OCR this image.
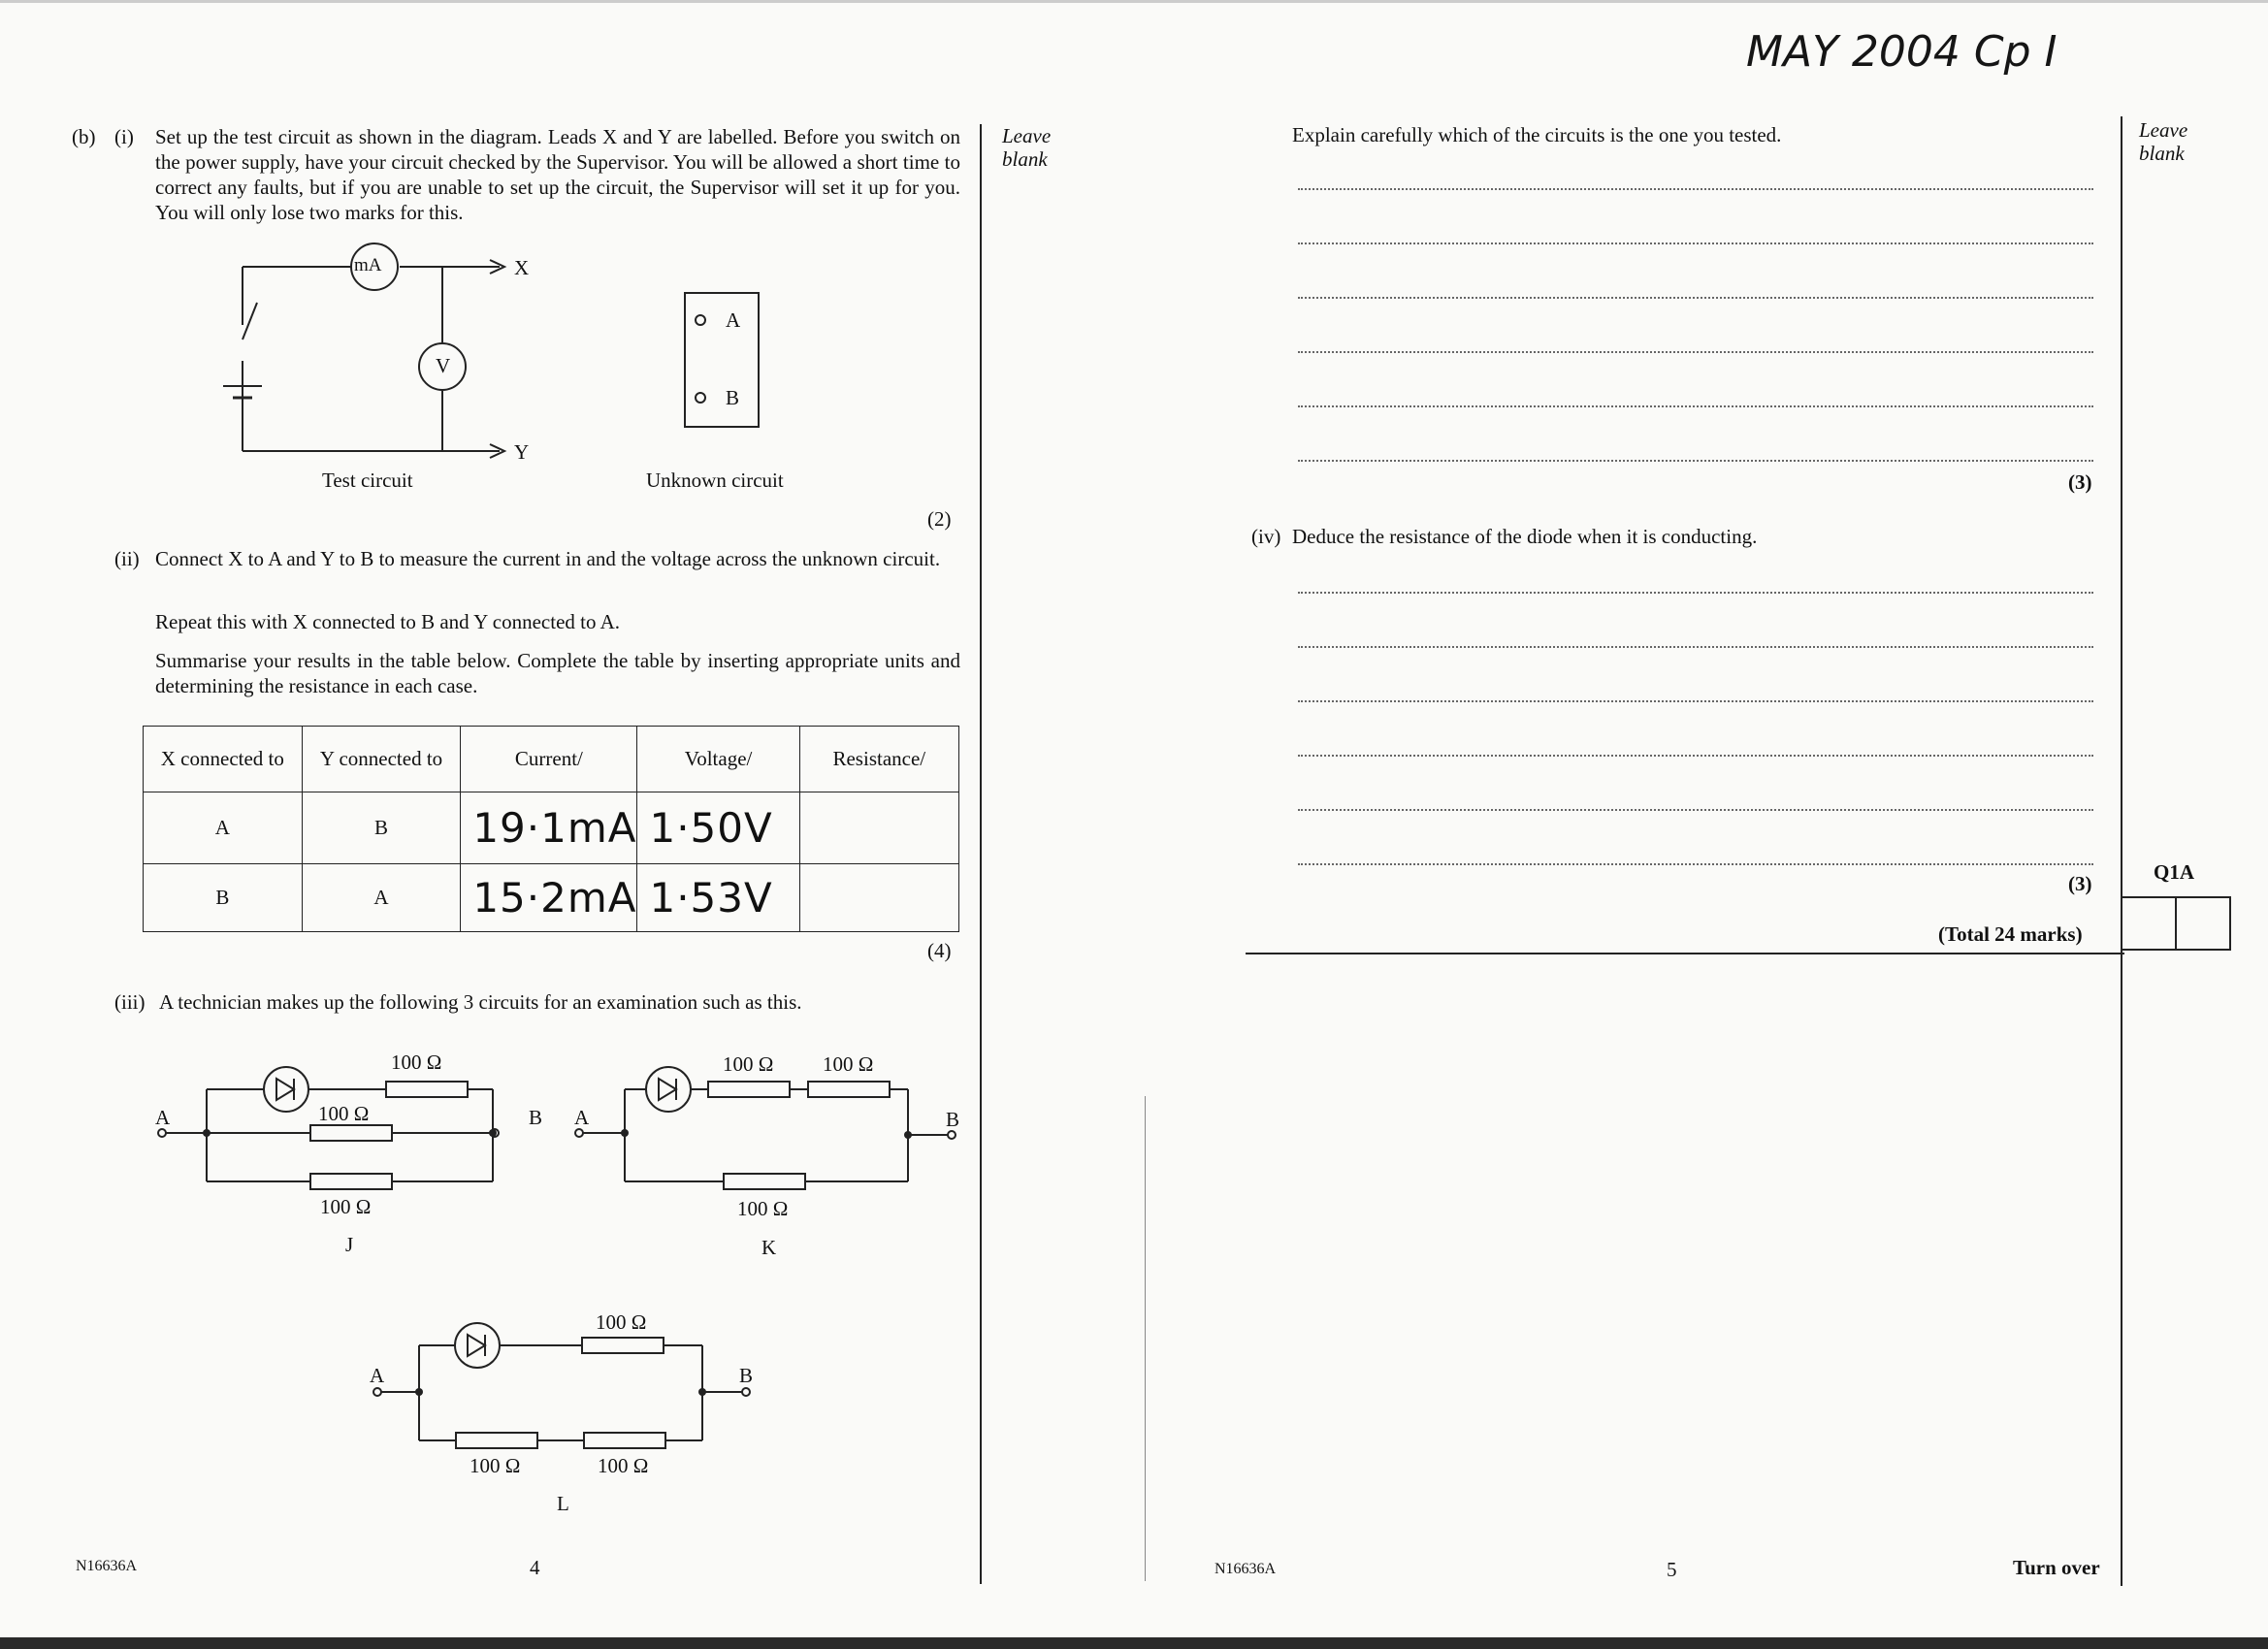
MAY 2004 Cp I
(b) (i) Set up the test circuit as shown in the diagram. Leads X and Y are labelled. Before you switch on the power supply, have your circuit checked by the Supervisor. You will be allowed a short time to correct any faults, but if you are unable to set up the circuit, the Supervisor will set it up for you. You will only lose two marks for this.
mA
V
X
Y
Test circuit
A
B
Unknown circuit
(2)
(ii) Connect X to A and Y to B to measure the current in and the voltage across the unknown circuit.
Repeat this with X connected to B and Y connected to A.
Summarise your results in the table below. Complete the table by inserting appropriate units and determining the resistance in each case.
X connected to	Y connected to	Current/	Voltage/	Resistance/
A	B	19·1mA	1·50V	
B	A	15·2mA	1·53V	
(4)
(iii) A technician makes up the following 3 circuits for an examination such as this.
100 Ω
100 Ω
100 Ω
A	B
J
100 Ω 100 Ω
100 Ω
A	B
K
100 Ω
100 Ω	100 Ω
A	B
L
N16636A	4
Leave
blank
Explain carefully which of the circuits is the one you tested.
(3)
(iv) Deduce the resistance of the diode when it is conducting.
(3)
(Total 24 marks)
Leave
blank
Q1A
N16636A	5	Turn over
